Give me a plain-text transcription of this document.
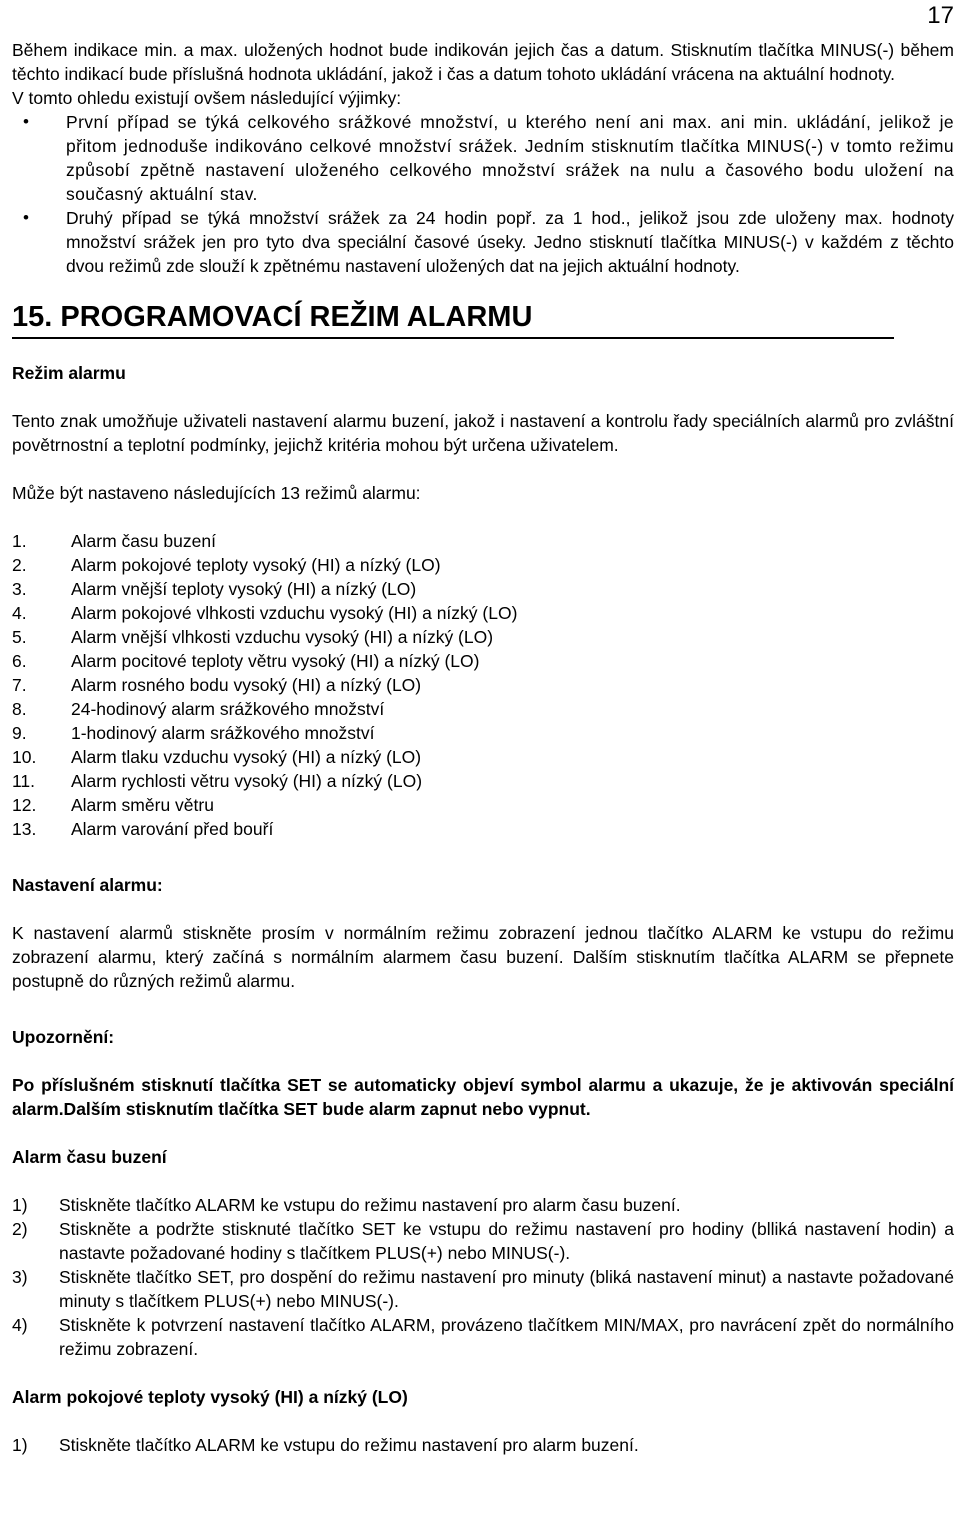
17

Během indikace min. a max. uložených hodnot bude indikován jejich čas a datum. Stisknutím tlačítka MINUS(-) během těchto indikací bude příslušná hodnota ukládání, jakož i čas a datum tohoto ukládání vrácena na aktuální hodnoty.

V tomto ohledu existují ovšem následující výjimky:

• První případ se týká celkového srážkové množství, u kterého není ani max. ani min. ukládání, jelikož je přitom jednoduše indikováno celkové množství srážek. Jedním stisknutím tlačítka MINUS(-) v tomto režimu způsobí zpětně nastavení uloženého celkového množství srážek na nulu a časového bodu uložení na současný aktuální stav.
• Druhý případ se týká množství srážek za 24 hodin popř. za 1 hod., jelikož jsou zde uloženy max. hodnoty množství srážek jen pro tyto dva speciální časové úseky. Jedno stisknutí tlačítka MINUS(-) v každém z těchto dvou režimů zde slouží k zpětnému nastavení uložených dat na jejich aktuální hodnoty.
15. PROGRAMOVACÍ REŽIM ALARMU

Režim alarmu

Tento znak umožňuje uživateli nastavení alarmu buzení, jakož i nastavení a kontrolu řady speciálních alarmů pro zvláštní povětrnostní a teplotní podmínky, jejichž kritéria mohou být určena uživatelem.

Může být nastaveno následujících 13 režimů alarmu:

1.	Alarm času buzení
2.	Alarm pokojové teploty vysoký (HI) a nízký (LO)
3.	Alarm vnější teploty vysoký (HI) a nízký (LO)
4.	Alarm pokojové vlhkosti vzduchu vysoký (HI) a nízký (LO)
5.	Alarm vnější vlhkosti vzduchu vysoký (HI) a nízký (LO)
6.	Alarm pocitové teploty větru vysoký (HI) a nízký (LO)
7.	Alarm rosného bodu vysoký (HI) a nízký (LO)
8.	24-hodinový alarm srážkového množství
9.	1-hodinový alarm srážkového množství
10. Alarm tlaku vzduchu vysoký (HI) a nízký (LO)
11. Alarm rychlosti větru vysoký (HI) a nízký (LO)
12. Alarm směru větru
13. Alarm varování před bouří

Nastavení alarmu:

K nastavení alarmů stiskněte prosím v normálním režimu zobrazení jednou tlačítko ALARM ke vstupu do režimu zobrazení alarmu, který začíná s normálním alarmem času buzení. Dalším stisknutím tlačítka ALARM se přepnete postupně do různých režimů alarmu.

Upozornění:

Po příslušném stisknutí tlačítka SET se automaticky objeví symbol alarmu a ukazuje, že je aktivován speciální alarm.Dalším stisknutím tlačítka SET bude alarm zapnut nebo vypnut.

Alarm času buzení

1) Stiskněte tlačítko ALARM ke vstupu do režimu nastavení pro alarm času buzení.
2) Stiskněte a podržte stisknuté tlačítko SET ke vstupu do režimu nastavení pro hodiny (blliká nastavení hodin) a nastavte požadované hodiny s tlačítkem PLUS(+) nebo MINUS(-).
3) Stiskněte tlačítko SET, pro dospění do režimu nastavení pro minuty (bliká nastavení minut) a nastavte požadované minuty s tlačítkem PLUS(+) nebo MINUS(-).
4) Stiskněte k potvrzení nastavení tlačítko ALARM, provázeno tlačítkem MIN/MAX, pro navrácení zpět do normálního režimu zobrazení.

Alarm pokojové teploty vysoký (HI) a nízký (LO)

1) Stiskněte tlačítko ALARM ke vstupu do režimu nastavení pro alarm buzení.
